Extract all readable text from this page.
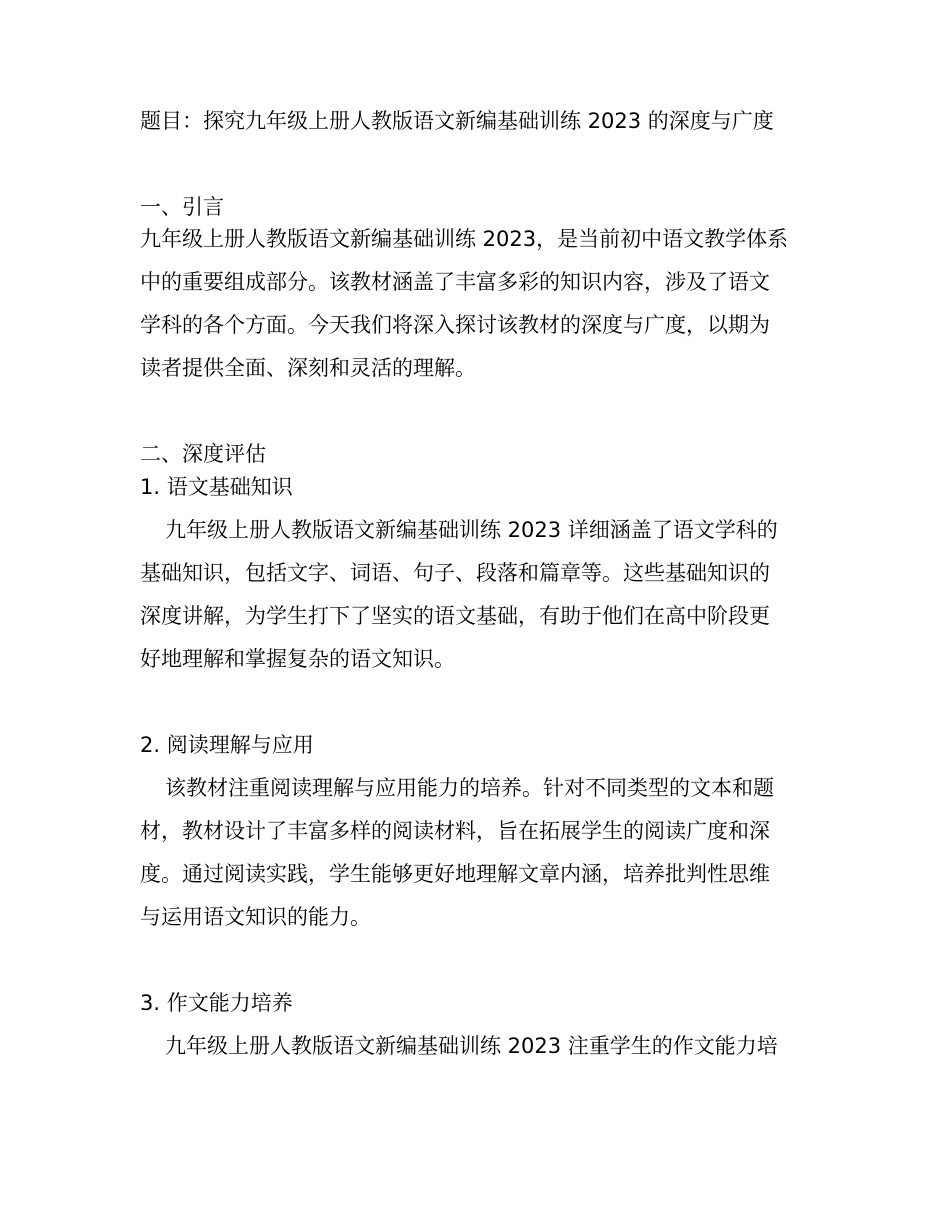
题目：探究九年级上册人教版语文新编基础训练 2023 的深度与广度
一、引言
九年级上册人教版语文新编基础训练 2023，是当前初中语文教学体系
中的重要组成部分。该教材涵盖了丰富多彩的知识内容，涉及了语文
学科的各个方面。今天我们将深入探讨该教材的深度与广度，以期为
读者提供全面、深刻和灵活的理解。
二、深度评估
1. 语文基础知识
九年级上册人教版语文新编基础训练 2023 详细涵盖了语文学科的
基础知识，包括文字、词语、句子、段落和篇章等。这些基础知识的
深度讲解，为学生打下了坚实的语文基础，有助于他们在高中阶段更
好地理解和掌握复杂的语文知识。
2. 阅读理解与应用
该教材注重阅读理解与应用能力的培养。针对不同类型的文本和题
材，教材设计了丰富多样的阅读材料，旨在拓展学生的阅读广度和深
度。通过阅读实践，学生能够更好地理解文章内涵，培养批判性思维
与运用语文知识的能力。
3. 作文能力培养
九年级上册人教版语文新编基础训练 2023 注重学生的作文能力培
